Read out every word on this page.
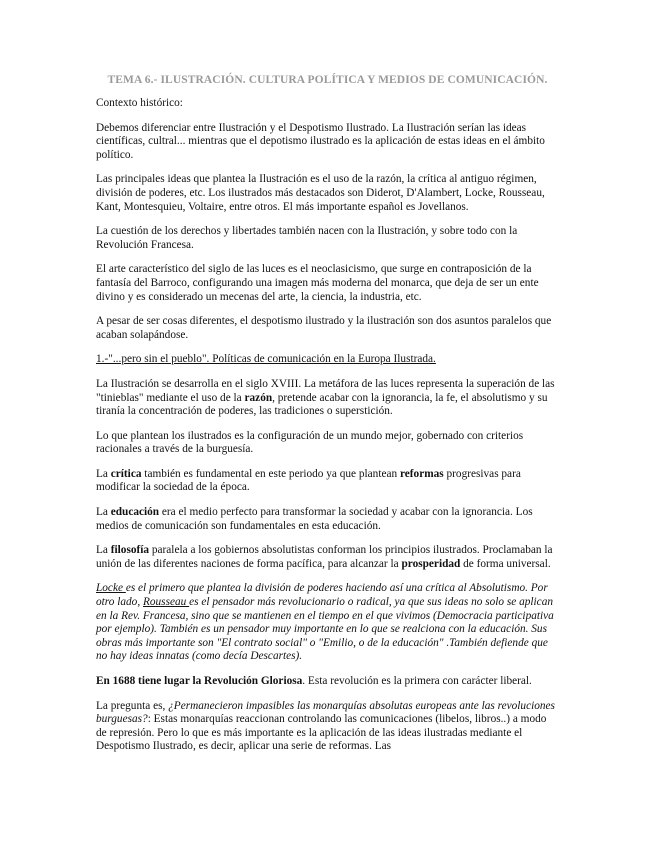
TEMA 6.- ILUSTRACIÓN. CULTURA POLÍTICA Y MEDIOS DE COMUNICACIÓN.

Contexto histórico:

Debemos diferenciar entre Ilustración y el Despotismo Ilustrado. La Ilustración serían las ideas científicas, cultral... mientras que el depotismo ilustrado es la aplicación de estas ideas en el ámbito político.

Las principales ideas que plantea la Ilustración es el uso de la razón, la crítica al antiguo régimen, división de poderes, etc. Los ilustrados más destacados son Diderot, D'Alambert, Locke, Rousseau, Kant, Montesquieu, Voltaire, entre otros. El más importante español es Jovellanos.

La cuestión de los derechos y libertades también nacen con la Ilustración, y sobre todo con la Revolución Francesa.

El arte característico del siglo de las luces es el neoclasicismo, que surge en contraposición de la fantasía del Barroco, configurando una imagen más moderna del monarca, que deja de ser un ente divino y es considerado un mecenas del arte, la ciencia, la industria, etc.

A pesar de ser cosas diferentes, el despotismo ilustrado y la ilustración son dos asuntos paralelos que acaban solapándose.

1.-"...pero sin el pueblo". Políticas de comunicación en la Europa Ilustrada.

La Ilustración se desarrolla en el siglo XVIII. La metáfora de las luces representa la superación de las "tinieblas" mediante el uso de la razón, pretende acabar con la ignorancia, la fe, el absolutismo y su tiranía la concentración de poderes, las tradiciones o superstición.

Lo que plantean los ilustrados es la configuración de un mundo mejor, gobernado con criterios racionales a través de la burguesía.

La crítica también es fundamental en este periodo ya que plantean reformas progresivas para modificar la sociedad de la época.

La educación era el medio perfecto para transformar la sociedad y acabar con la ignorancia. Los medios de comunicación son fundamentales en esta educación.

La filosofía paralela a los gobiernos absolutistas conforman los principios ilustrados. Proclamaban la unión de las diferentes naciones de forma pacífica, para alcanzar la prosperidad de forma universal.

Locke es el primero que plantea la división de poderes haciendo así una crítica al Absolutismo. Por otro lado, Rousseau es el pensador más revolucionario o radical, ya que sus ideas no solo se aplican en la Rev. Francesa, sino que se mantienen en el tiempo en el que vivimos (Democracia participativa por ejemplo). También es un pensador muy importante en lo que se realciona con la educación. Sus obras más importante son "El contrato social" o "Emilio, o de la educación" .También defiende que no hay ideas innatas (como decía Descartes).

En 1688 tiene lugar la Revolución Gloriosa. Esta revolución es la primera con carácter liberal.

La pregunta es, ¿Permanecieron impasibles las monarquías absolutas europeas ante las revoluciones burguesas?: Estas monarquías reaccionan controlando las comunicaciones (libelos, libros..) a modo de represión. Pero lo que es más importante es la aplicación de las ideas ilustradas mediante el Despotismo Ilustrado, es decir, aplicar una serie de reformas. Las
